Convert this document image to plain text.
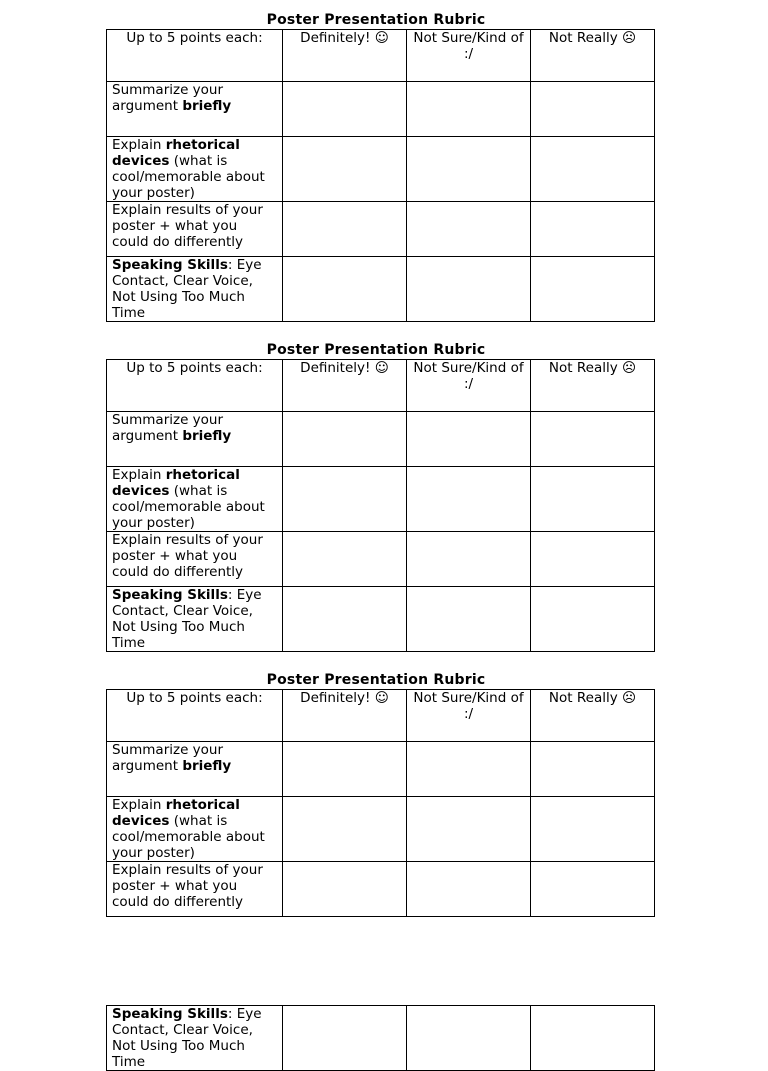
Poster Presentation Rubric
Up to 5 points each:	Definitely! ☺	Not Sure/Kind of :/	Not Really ☹
Summarize your argument briefly			
Explain rhetorical devices (what is cool/memorable about your poster)			
Explain results of your poster + what you could do differently			
Speaking Skills: Eye Contact, Clear Voice, Not Using Too Much Time			
Poster Presentation Rubric
Up to 5 points each:	Definitely! ☺	Not Sure/Kind of :/	Not Really ☹
Summarize your argument briefly			
Explain rhetorical devices (what is cool/memorable about your poster)			
Explain results of your poster + what you could do differently			
Speaking Skills: Eye Contact, Clear Voice, Not Using Too Much Time			
Poster Presentation Rubric
Up to 5 points each:	Definitely! ☺	Not Sure/Kind of :/	Not Really ☹
Summarize your argument briefly			
Explain rhetorical devices (what is cool/memorable about your poster)			
Explain results of your poster + what you could do differently			
Speaking Skills: Eye Contact, Clear Voice, Not Using Too Much Time			
